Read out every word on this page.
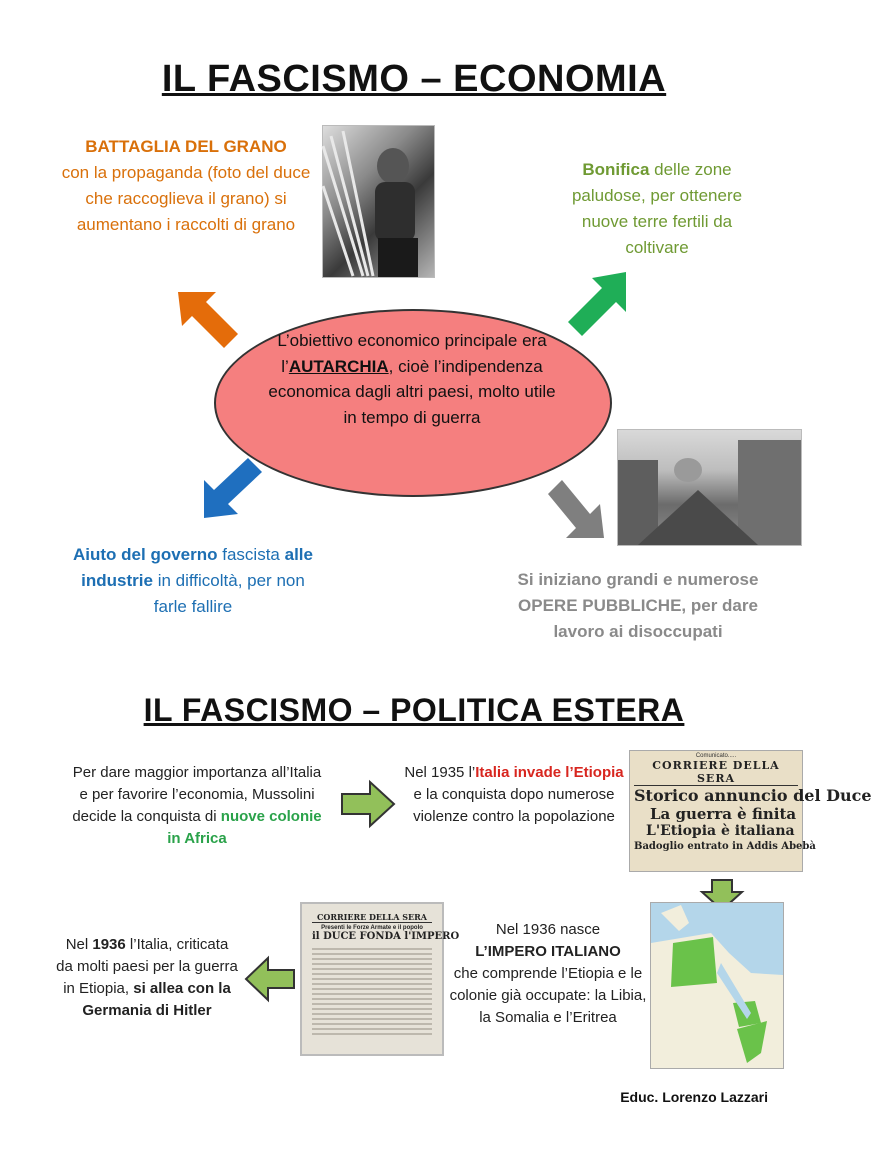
IL FASCISMO – ECONOMIA
BATTAGLIA DEL GRANO
con la propaganda (foto del duce che raccoglieva il grano) si aumentano i raccolti di grano
Bonifica delle zone paludose, per ottenere nuove terre fertili da coltivare
L’obiettivo economico principale era l’AUTARCHIA, cioè l’indipendenza economica dagli altri paesi, molto utile in tempo di guerra
Aiuto del governo fascista alle industrie in difficoltà, per non farle fallire
Si iniziano grandi e numerose OPERE PUBBLICHE, per dare lavoro ai disoccupati
IL FASCISMO – POLITICA ESTERA
Per dare maggior importanza all’Italia e per favorire l’economia, Mussolini decide la conquista di nuove colonie in Africa
Nel 1935 l’Italia invade l’Etiopia e la conquista dopo numerose violenze contro la popolazione
Comunicato.....
CORRIERE DELLA SERA
Storico annuncio del Duce
La guerra è finita
L'Etiopia è italiana
Badoglio entrato in Addis Abebà
Nel 1936 nasce
L’IMPERO ITALIANO
che comprende l’Etiopia e le colonie già occupate: la Libia, la Somalia e l’Eritrea
CORRIERE DELLA SERA
Presenti le Forze Armate e il popolo
il DUCE FONDA l'IMPERO
Nel 1936 l’Italia, criticata da molti paesi per la guerra in Etiopia, si allea con la Germania di Hitler
Educ. Lorenzo Lazzari
